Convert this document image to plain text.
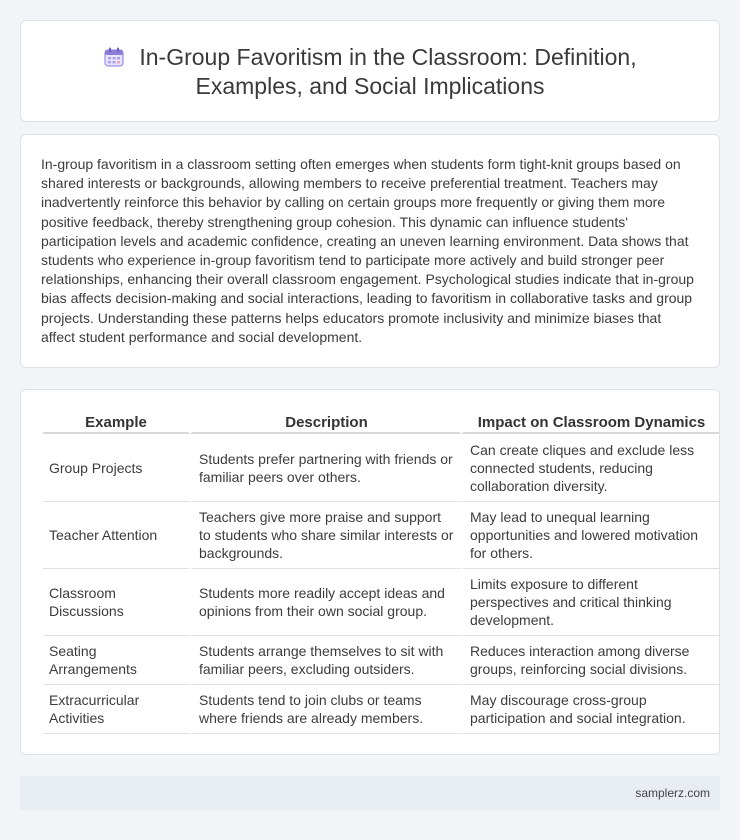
In-Group Favoritism in the Classroom: Definition,
Examples, and Social Implications

In-group favoritism in a classroom setting often emerges when students form tight-knit groups based on shared interests or backgrounds, allowing members to receive preferential treatment. Teachers may inadvertently reinforce this behavior by calling on certain groups more frequently or giving them more positive feedback, thereby strengthening group cohesion. This dynamic can influence students' participation levels and academic confidence, creating an uneven learning environment. Data shows that students who experience in-group favoritism tend to participate more actively and build stronger peer relationships, enhancing their overall classroom engagement. Psychological studies indicate that in-group bias affects decision-making and social interactions, leading to favoritism in collaborative tasks and group projects. Understanding these patterns helps educators promote inclusivity and minimize biases that affect student performance and social development.

Example	Description	Impact on Classroom Dynamics
Group Projects	Students prefer partnering with friends or familiar peers over others.	Can create cliques and exclude less connected students, reducing collaboration diversity.
Teacher Attention	Teachers give more praise and support to students who share similar interests or backgrounds.	May lead to unequal learning opportunities and lowered motivation for others.
Classroom Discussions	Students more readily accept ideas and opinions from their own social group.	Limits exposure to different perspectives and critical thinking development.
Seating Arrangements	Students arrange themselves to sit with familiar peers, excluding outsiders.	Reduces interaction among diverse groups, reinforcing social divisions.
Extracurricular Activities	Students tend to join clubs or teams where friends are already members.	May discourage cross-group participation and social integration.
samplerz.com
